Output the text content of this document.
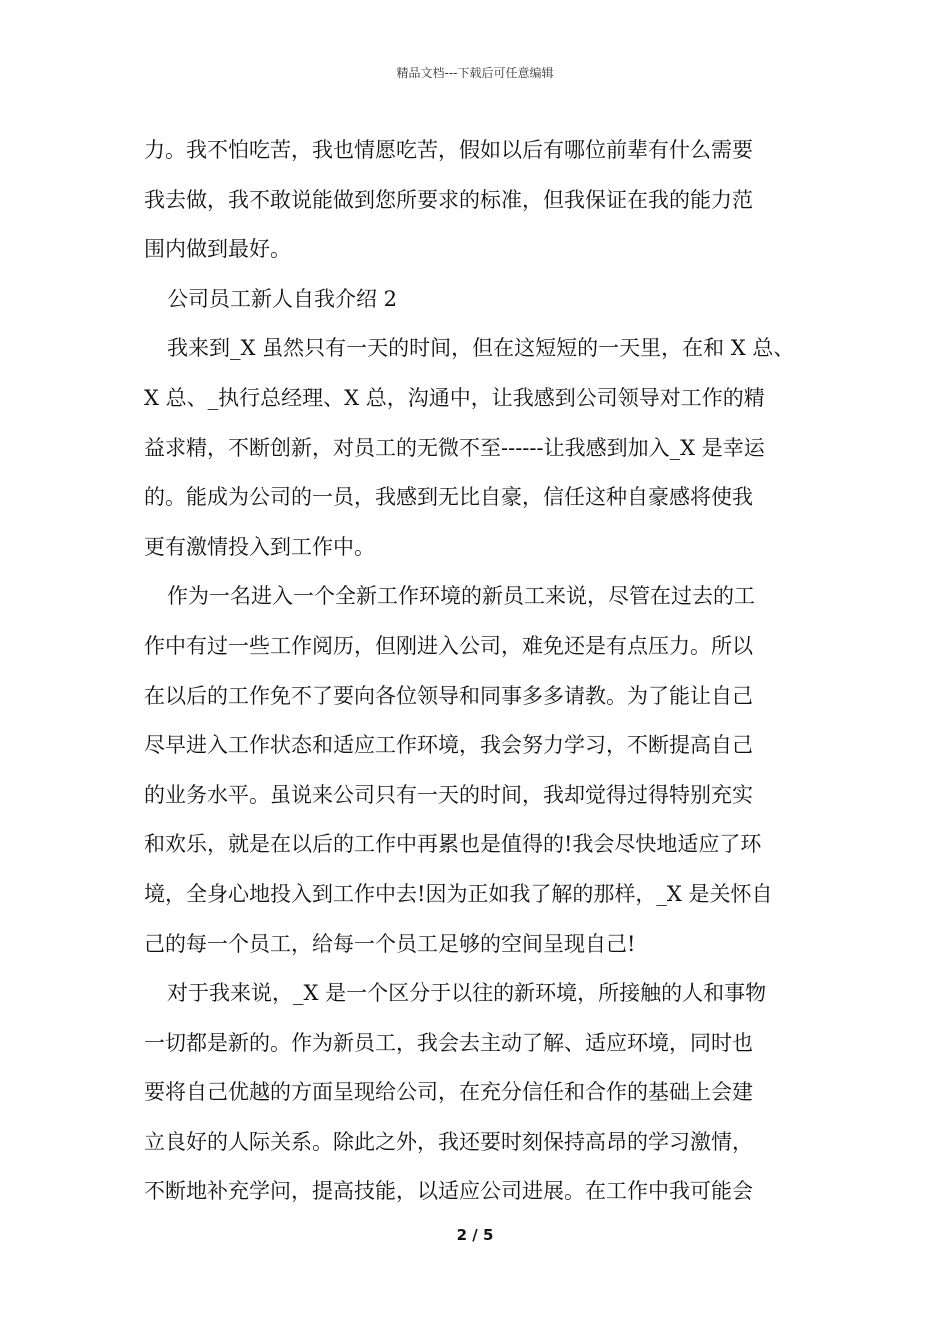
精品文档---下载后可任意编辑
力。我不怕吃苦，我也情愿吃苦，假如以后有哪位前辈有什么需要
我去做，我不敢说能做到您所要求的标准，但我保证在我的能力范
围内做到最好。
公司员工新人自我介绍 2
我来到_X 虽然只有一天的时间，但在这短短的一天里，在和 X 总、
X 总、_执行总经理、X 总，沟通中，让我感到公司领导对工作的精
益求精，不断创新，对员工的无微不至------让我感到加入_X 是幸运
的。能成为公司的一员，我感到无比自豪，信任这种自豪感将使我
更有激情投入到工作中。
作为一名进入一个全新工作环境的新员工来说，尽管在过去的工
作中有过一些工作阅历，但刚进入公司，难免还是有点压力。所以
在以后的工作免不了要向各位领导和同事多多请教。为了能让自己
尽早进入工作状态和适应工作环境，我会努力学习，不断提高自己
的业务水平。虽说来公司只有一天的时间，我却觉得过得特别充实
和欢乐，就是在以后的工作中再累也是值得的!我会尽快地适应了环
境，全身心地投入到工作中去!因为正如我了解的那样，_X 是关怀自
己的每一个员工，给每一个员工足够的空间呈现自己!
对于我来说，_X 是一个区分于以往的新环境，所接触的人和事物
一切都是新的。作为新员工，我会去主动了解、适应环境，同时也
要将自己优越的方面呈现给公司，在充分信任和合作的基础上会建
立良好的人际关系。除此之外，我还要时刻保持高昂的学习激情，
不断地补充学问，提高技能，以适应公司进展。在工作中我可能会
2 / 5
